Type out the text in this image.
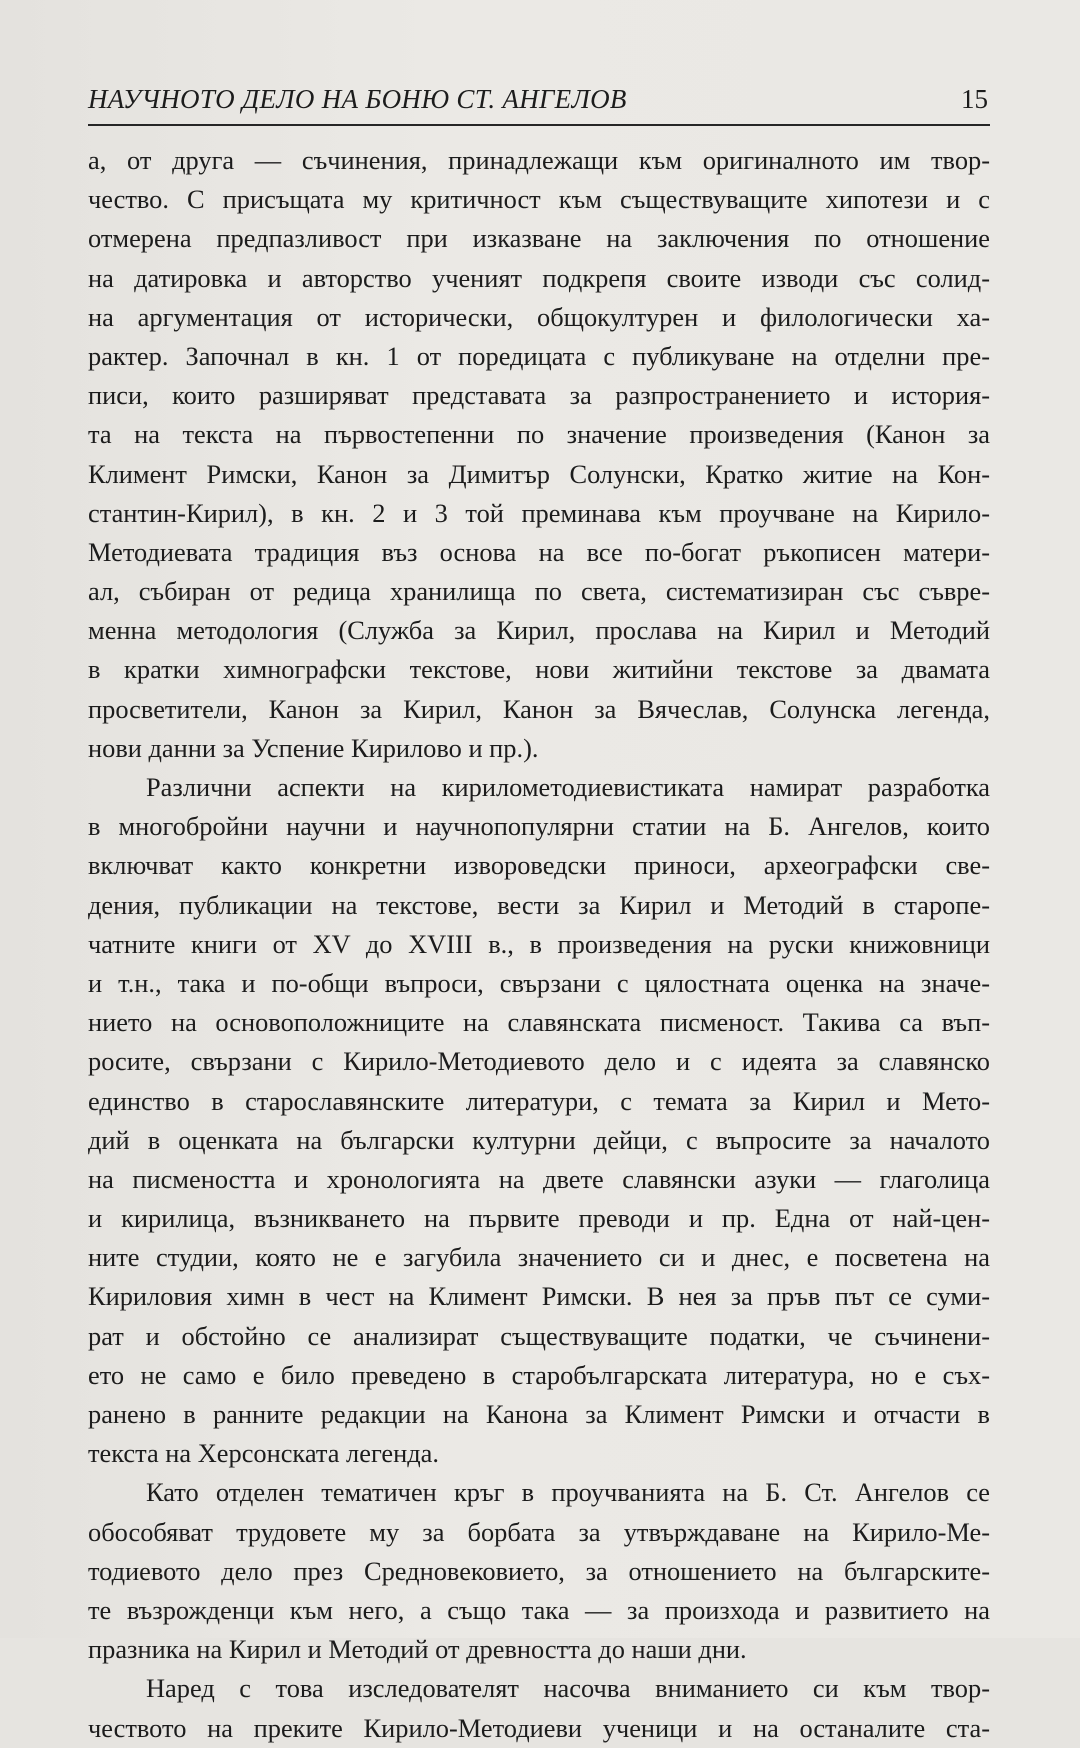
НАУЧНОТО ДЕЛО НА БОНЮ СТ. АНГЕЛОВ	15
а, от друга — съчинения, принадлежащи към оригиналното им твор-
чество. С присъщата му критичност към съществуващите хипотези и с
отмерена предпазливост при изказване на заключения по отношение
на датировка и авторство ученият подкрепя своите изводи със солид-
на аргументация от исторически, общокултурен и филологически ха-
рактер. Започнал в кн. 1 от поредицата с публикуване на отделни пре-
писи, които разширяват представата за разпространението и история-
та на текста на първостепенни по значение произведения (Канон за
Климент Римски, Канон за Димитър Солунски, Кратко житие на Кон-
стантин-Кирил), в кн. 2 и 3 той преминава към проучване на Кирило-
Методиевата традиция въз основа на все по-богат ръкописен матери-
ал, събиран от редица хранилища по света, систематизиран със съвре-
менна методология (Служба за Кирил, прослава на Кирил и Методий
в кратки химнографски текстове, нови житийни текстове за двамата
просветители, Канон за Кирил, Канон за Вячеслав, Солунска легенда,
нови данни за Успение Кирилово и пр.).
Различни аспекти на кирилометодиевистиката намират разработка
в многобройни научни и научнопопулярни статии на Б. Ангелов, които
включват както конкретни изворoведски приноси, археографски све-
дения, публикации на текстове, вести за Кирил и Методий в старопе-
чатните книги от XV до XVIII в., в произведения на руски книжовници
и т.н., така и по-общи въпроси, свързани с цялостната оценка на значе-
нието на основоположниците на славянската писменост. Такива са въп-
росите, свързани с Кирило-Методиевото дело и с идеята за славянско
единство в старославянските литератури, с темата за Кирил и Мето-
дий в оценката на български културни дейци, с въпросите за началото
на писмеността и хронологията на двете славянски азуки — глаголица
и кирилица, възникването на първите преводи и пр. Една от най-цен-
ните студии, която не е загубила значението си и днес, е посветена на
Кириловия химн в чест на Климент Римски. В нея за пръв път се суми-
рат и обстойно се анализират съществуващите податки, че съчинени-
ето не само е било преведено в старобългарската литература, но е съх-
ранено в ранните редакции на Канона за Климент Римски и отчасти в
текста на Херсонската легенда.
Като отделен тематичен кръг в проучванията на Б. Ст. Ангелов се
обособяват трудовете му за борбата за утвърждаване на Кирило-Ме-
тодиевото дело през Средновековието, за отношението на българските-
те възрожденци към него, а също така — за произхода и развитието на
празника на Кирил и Методий от древността до наши дни.
Наред с това изследователят насочва вниманието си към твор-
чеството на преките Кирило-Методиеви ученици и на останалите ста-
